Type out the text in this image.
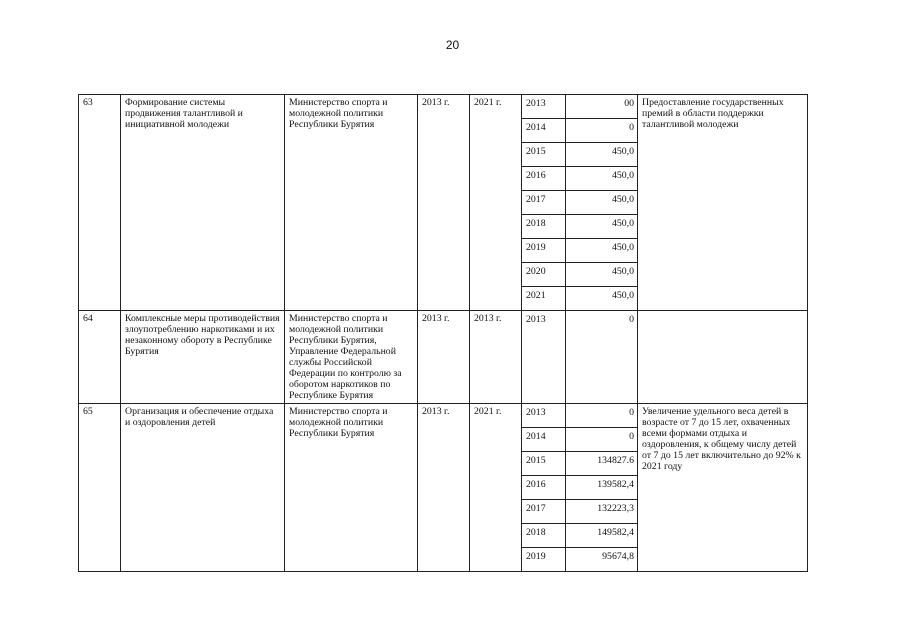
20
63	Формирование системы продвижения талантливой и инициативной молодежи	Министерство спорта и молодежной политики Республики Бурятия	2013 г.	2021 г.	2013	00	Предоставление государственных премий в области поддержки талантливой молодежи
					2014	0	
					2015	450,0	
					2016	450,0	
					2017	450,0	
					2018	450,0	
					2019	450,0	
					2020	450,0	
					2021	450,0	
64	Комплексные меры противодействия злоупотреблению наркотиками и их незаконному обороту в Республике Бурятия	Министерство спорта и молодежной политики Республики Бурятия, Управление Федеральной службы Российской Федерации по контролю за оборотом наркотиков по Республике Бурятия	2013 г.	2013 г.	2013	0	
65	Организация и обеспечение отдыха и оздоровления детей	Министерство спорта и молодежной политики Республики Бурятия	2013 г.	2021 г.	2013	0	Увеличение удельного веса детей в возрасте от 7 до 15 лет, охваченных всеми формами отдыха и оздоровления, к общему числу детей от 7 до 15 лет включительно до 92% к 2021 году
					2014	0	
					2015	134827.6	
					2016	139582,4	
					2017	132223,3	
					2018	149582,4	
					2019	95674,8	
